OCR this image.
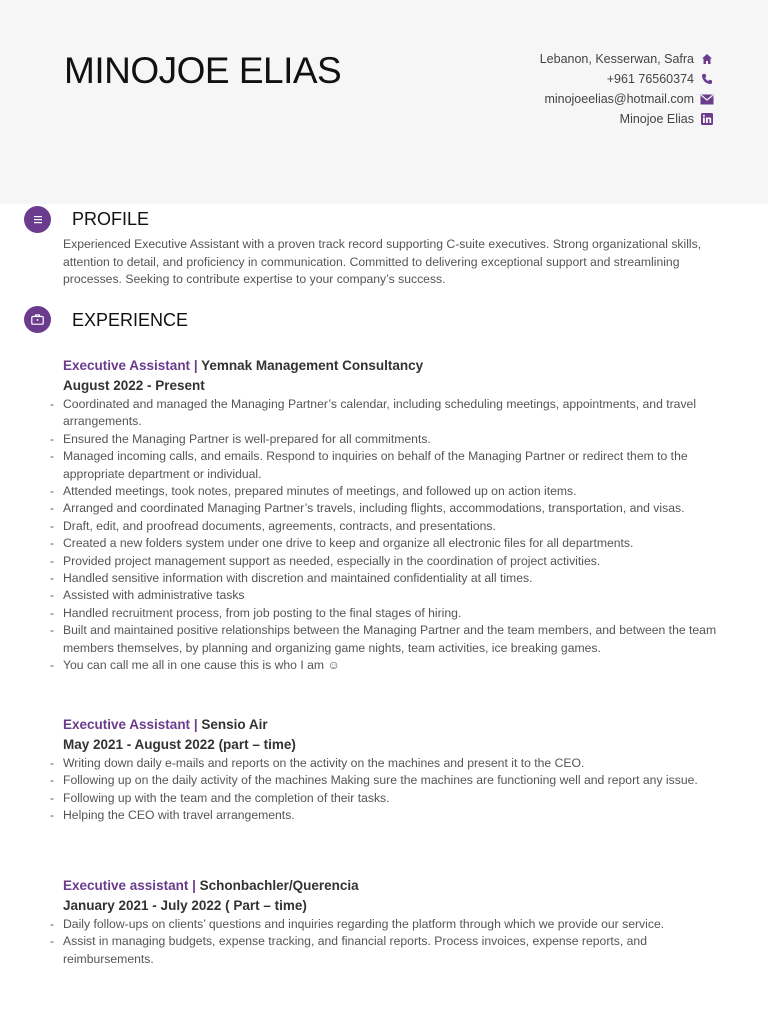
MINOJOE ELIAS	Lebanon, Kesserwan, Safra
+961 76560374
minojoeelias@hotmail.com
Minojoe Elias
PROFILE
Experienced Executive Assistant with a proven track record supporting C-suite executives. Strong organizational skills, attention to detail, and proficiency in communication. Committed to delivering exceptional support and streamlining processes. Seeking to contribute expertise to your company’s success.
EXPERIENCE
Executive Assistant | Yemnak Management Consultancy
August 2022 - Present
- Coordinated and managed the Managing Partner’s calendar, including scheduling meetings, appointments, and travel arrangements.
- Ensured the Managing Partner is well-prepared for all commitments.
- Managed incoming calls, and emails. Respond to inquiries on behalf of the Managing Partner or redirect them to the appropriate department or individual.
- Attended meetings, took notes, prepared minutes of meetings, and followed up on action items.
- Arranged and coordinated Managing Partner’s travels, including flights, accommodations, transportation, and visas.
- Draft, edit, and proofread documents, agreements, contracts, and presentations.
- Created a new folders system under one drive to keep and organize all electronic files for all departments.
- Provided project management support as needed, especially in the coordination of project activities.
- Handled sensitive information with discretion and maintained confidentiality at all times.
- Assisted with administrative tasks
- Handled recruitment process, from job posting to the final stages of hiring.
- Built and maintained positive relationships between the Managing Partner and the team members, and between the team members themselves, by planning and organizing game nights, team activities, ice breaking games.
- You can call me all in one cause this is who I am ☺
Executive Assistant | Sensio Air
May 2021 - August 2022 (part – time)
- Writing down daily e-mails and reports on the activity on the machines and present it to the CEO.
- Following up on the daily activity of the machines Making sure the machines are functioning well and report any issue.
- Following up with the team and the completion of their tasks.
- Helping the CEO with travel arrangements.
Executive assistant | Schonbachler/Querencia
January 2021 - July 2022 ( Part – time)
- Daily follow-ups on clients’ questions and inquiries regarding the platform through which we provide our service.
- Assist in managing budgets, expense tracking, and financial reports. Process invoices, expense reports, and reimbursements.
